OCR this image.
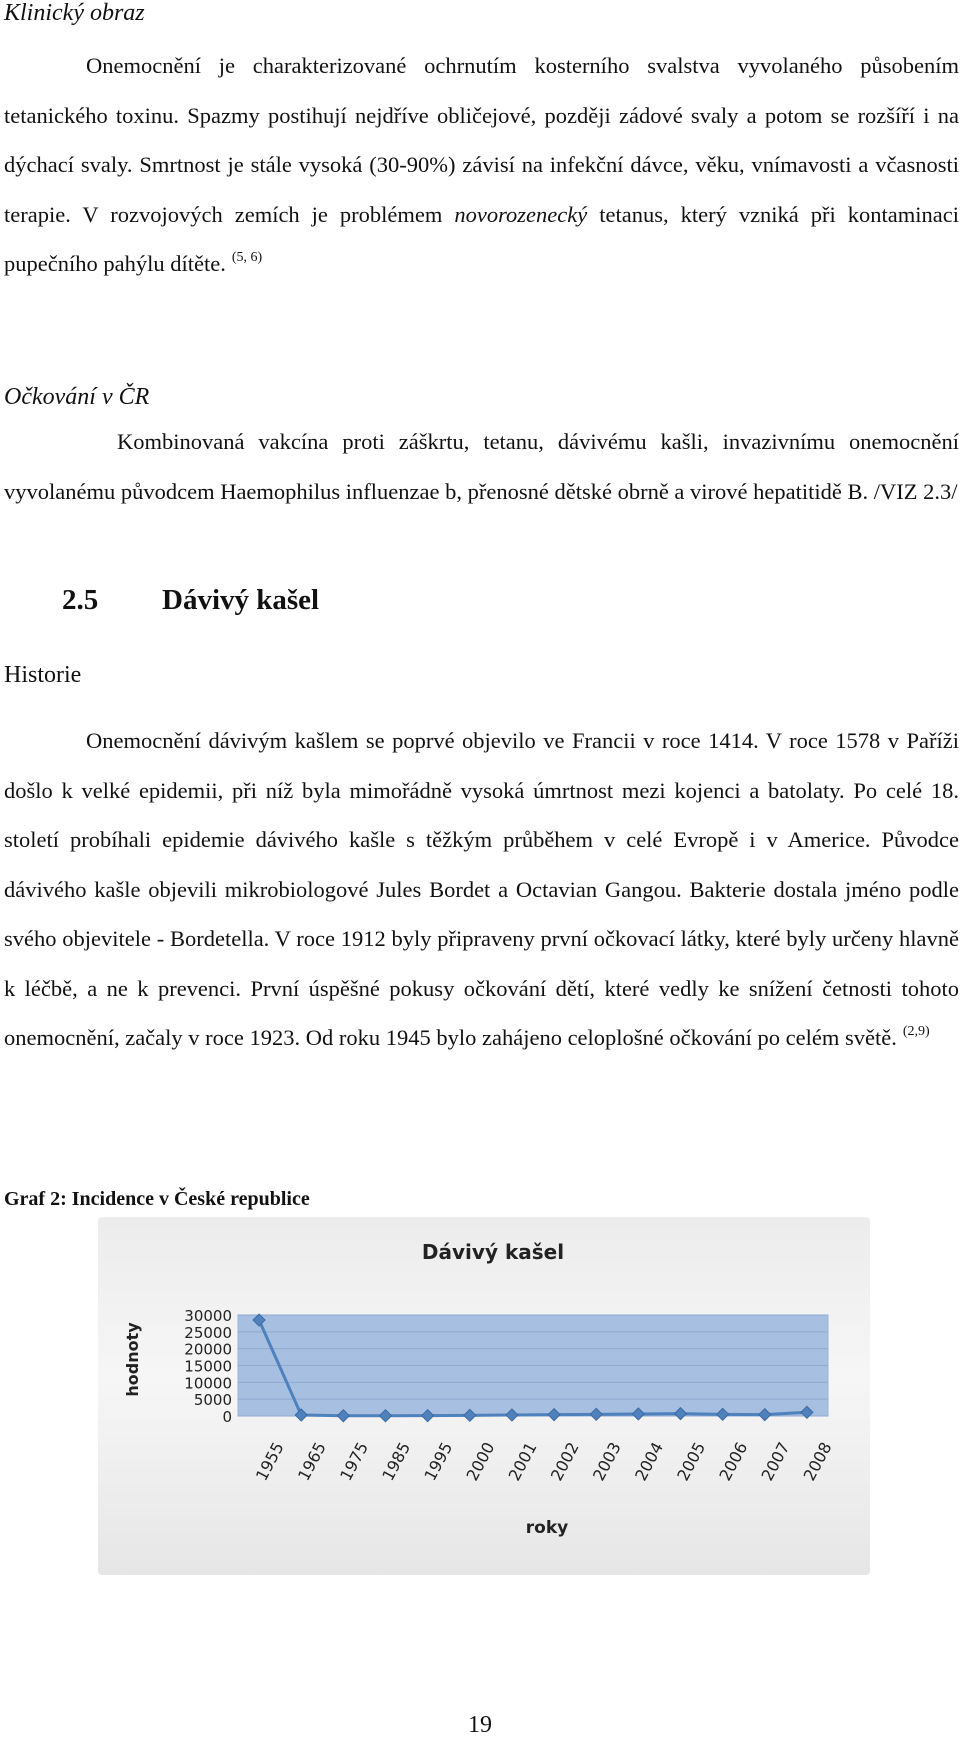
Klinický obraz

Onemocnění je charakterizované ochrnutím kosterního svalstva vyvolaného působením tetanického toxinu. Spazmy postihují nejdříve obličejové, později zádové svaly a potom se rozšíří i na dýchací svaly. Smrtnost je stále vysoká (30-90%) závisí na infekční dávce, věku, vnímavosti a včasnosti terapie. V rozvojových zemích je problémem novorozenecký tetanus, který vzniká při kontaminaci pupečního pahýlu dítěte. $^{(5, 6)}$

Očkování v ČR

Kombinovaná vakcína proti záškrtu, tetanu, dávivému kašli, invazivnímu onemocnění vyvolanému původcem Haemophilus influenzae b, přenosné dětské obrně a virové hepatitidě B. /VIZ 2.3/

2.5 Dávivý kašel
Historie

Onemocnění dávivým kašlem se poprvé objevilo ve Francii v roce 1414. V roce 1578 v Paříži došlo k velké epidemii, při níž byla mimořádně vysoká úmrtnost mezi kojenci a batolaty. Po celé 18. století probíhali epidemie dávivého kašle s těžkým průběhem v celé Evropě i v Americe. Původce dávivého kašle objevili mikrobiologové Jules Bordet a Octavian Gangou. Bakterie dostala jméno podle svého objevitele - Bordetella. V roce 1912 byly připraveny první očkovací látky, které byly určeny hlavně k léčbě, a ne k prevenci. První úspěšné pokusy očkování dětí, které vedly ke snížení četnosti tohoto onemocnění, začaly v roce 1923. Od roku 1945 bylo zahájeno celoplošné očkování po celém světě. $^{(2,9)}$

Graf 2: Incidence v České republice
0
5000
10000
15000
20000
25000
30000
Dávivý kašel
hodnoty
roky
1955 1965 1975 1985 1995 2000 2001 2002 2003 2004 2005 2006 2007 2008
19
